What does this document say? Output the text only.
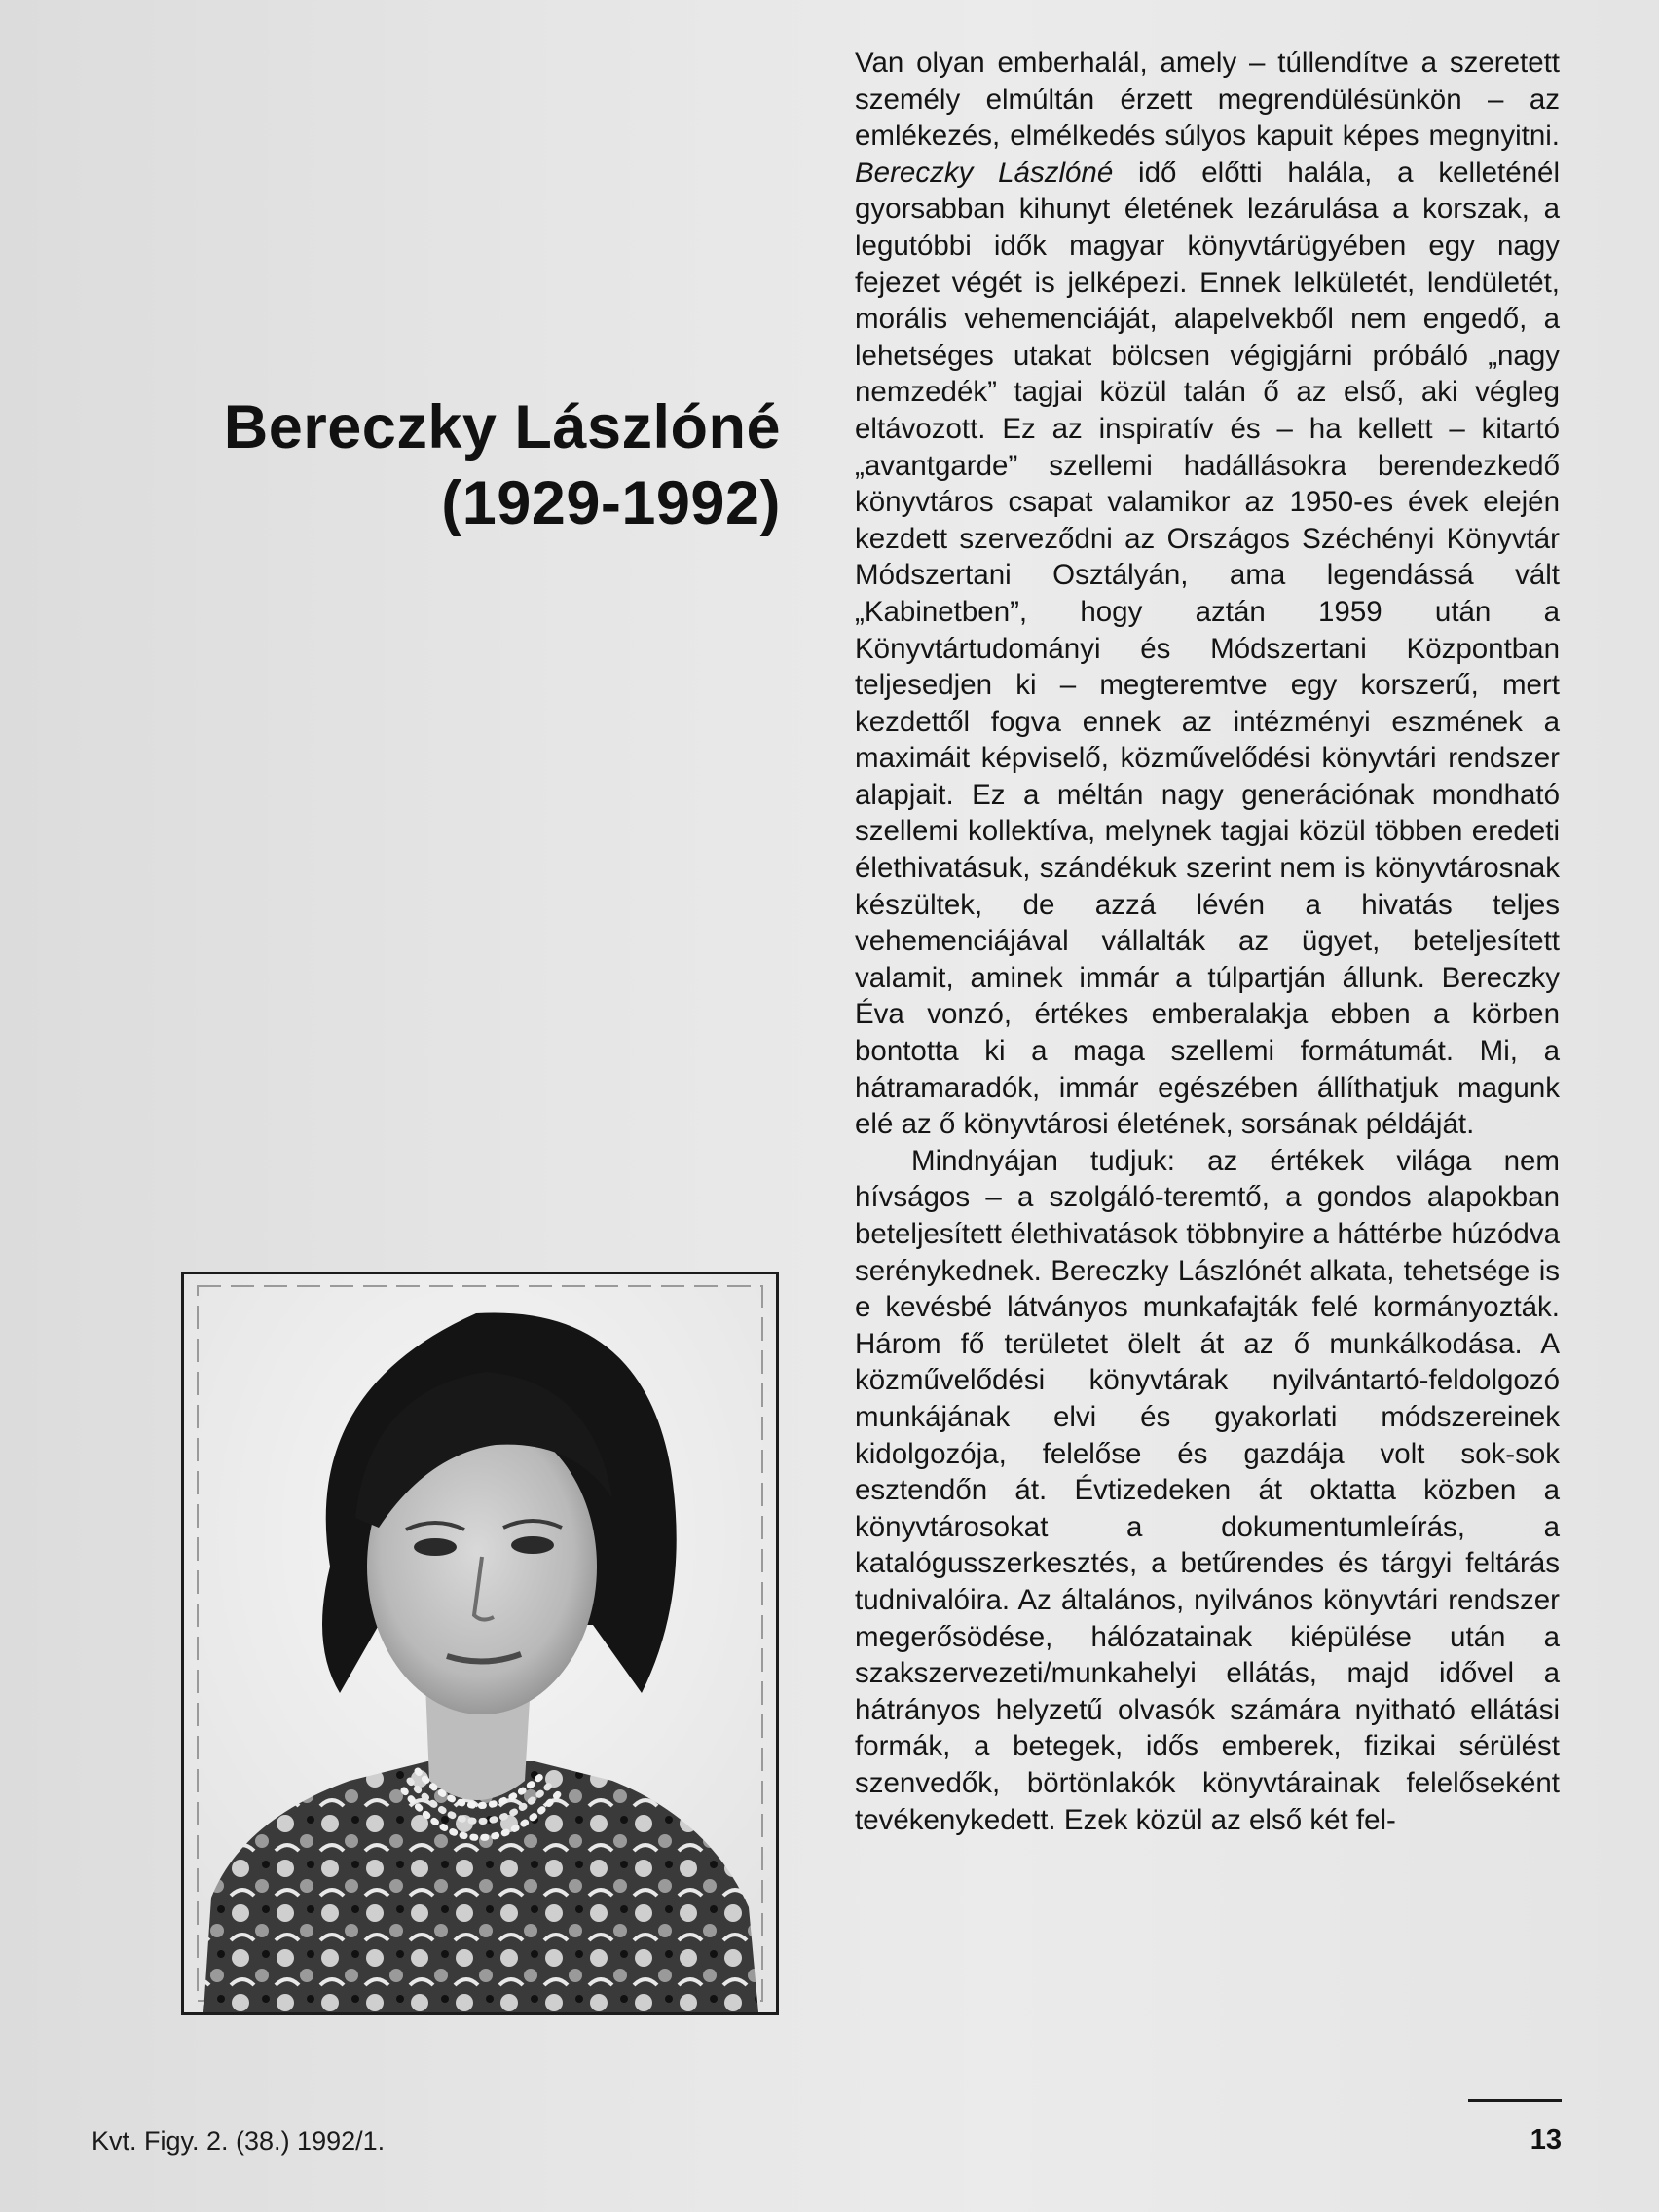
Bereczky Lászlóné
(1929-1992)

Van olyan emberhalál, amely – túllendítve a szeretett személy elmúltán érzett megrendülésünkön – az emlékezés, elmélkedés súlyos kapuit képes megnyitni. Bereczky Lászlóné idő előtti halála, a kelleténél gyorsabban kihunyt életének lezárulása a korszak, a legutóbbi idők magyar könyvtárügyében egy nagy fejezet végét is jelképezi. Ennek lelkületét, lendületét, morális vehemenciáját, alapelvekből nem engedő, a lehetséges utakat bölcsen végigjárni próbáló „nagy nemzedék” tagjai közül talán ő az első, aki végleg eltávozott. Ez az inspiratív és – ha kellett – kitartó „avantgarde” szellemi hadállásokra berendezkedő könyvtáros csapat valamikor az 1950-es évek elején kezdett szerveződni az Országos Széchényi Könyvtár Módszertani Osztályán, ama legendássá vált „Kabinetben”, hogy aztán 1959 után a Könyvtártudományi és Módszertani Központban teljesedjen ki – megteremtve egy korszerű, mert kezdettől fogva ennek az intézményi eszmének a maximáit képviselő, közművelődési könyvtári rendszer alapjait. Ez a méltán nagy generációnak mondható szellemi kollektíva, melynek tagjai közül többen eredeti élethivatásuk, szándékuk szerint nem is könyvtárosnak készültek, de azzá lévén a hivatás teljes vehemenciájával vállalták az ügyet, beteljesített valamit, aminek immár a túlpartján állunk. Bereczky Éva vonzó, értékes emberalakja ebben a körben bontotta ki a maga szellemi formátumát. Mi, a hátramaradók, immár egészében állíthatjuk magunk elé az ő könyvtárosi életének, sorsának példáját.

Mindnyájan tudjuk: az értékek világa nem hívságos – a szolgáló-teremtő, a gondos alapokban beteljesített élethivatások többnyire a háttérbe húzódva serénykednek. Bereczky Lászlónét alkata, tehetsége is e kevésbé látványos munkafajták felé kormányozták. Három fő területet ölelt át az ő munkálkodása. A közművelődési könyvtárak nyilvántartó-feldolgozó munkájának elvi és gyakorlati módszereinek kidolgozója, felelőse és gazdája volt sok-sok esztendőn át. Évtizedeken át oktatta közben a könyvtárosokat a dokumentumleírás, a katalógusszerkesztés, a betűrendes és tárgyi feltárás tudnivalóira. Az általános, nyilvános könyvtári rendszer megerősödése, hálózatainak kiépülése után a szakszervezeti/munkahelyi ellátás, majd idővel a hátrányos helyzetű olvasók számára nyitható ellátási formák, a betegek, idős emberek, fizikai sérülést szenvedők, börtönlakók könyvtárainak felelőseként tevékenykedett. Ezek közül az első két fel-

Kvt. Figy. 2. (38.) 1992/1.	13
